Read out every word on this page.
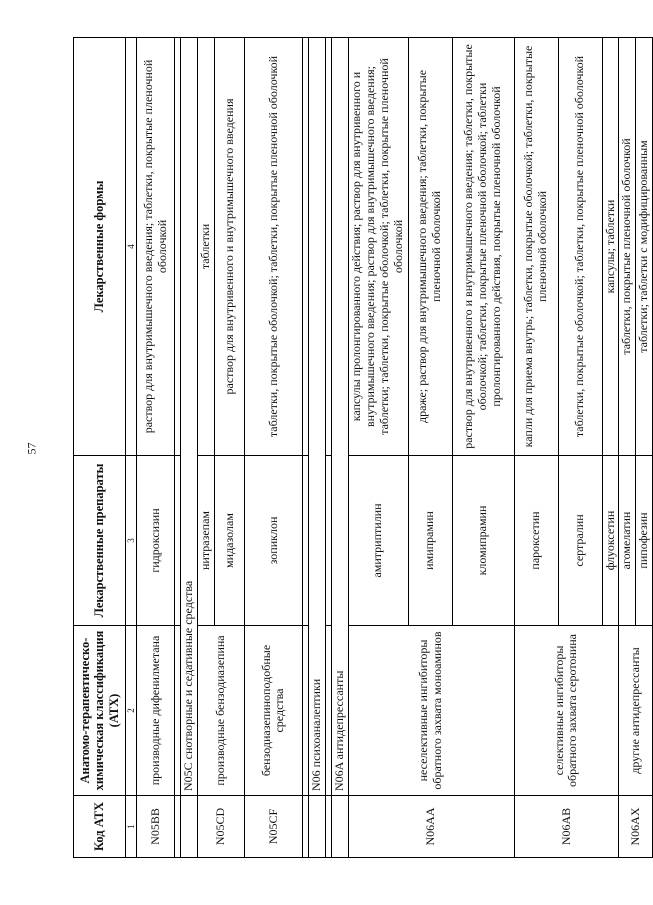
57
Код АТХ	Анатомо-терапевтическо-химическая классификация (АТХ)	Лекарственные препараты	Лекарственные формы
1	2	3	4
N05BB	производные дифенилметана	гидроксизин	раствор для внутримышечного введения; таблетки, покрытые пленочной оболочкой

	N05C снотворные и седативные средства		
N05CD	производные бензодиазепина	нитразепам	таблетки
		мидазолам	раствор для внутривенного и внутримышечного введения
N05CF	бензодиазепиноподобные средства	зопиклон	таблетки, покрытые оболочкой; таблетки, покрытые пленочной оболочкой

	N06 психоаналептики		

	N06A антидепрессанты		
N06AA	неселективные ингибиторы обратного захвата моноаминов	амитриптилин	капсулы пролонгированного действия; раствор для внутривенного и внутримышечного введения; раствор для внутримышечного введения; таблетки; таблетки, покрытые оболочкой; таблетки, покрытые пленочной оболочкой
		имипрамин	драже; раствор для внутримышечного введения; таблетки, покрытые пленочной оболочкой
		кломипрамин	раствор для внутривенного и внутримышечного введения; таблетки, покрытые оболочкой; таблетки, покрытые пленочной оболочкой; таблетки пролонгированного действия, покрытые пленочной оболочкой
N06AB	селективные ингибиторы обратного захвата серотонина	пароксетин	капли для приема внутрь; таблетки, покрытые оболочкой; таблетки, покрытые пленочной оболочкой
		сертралин	таблетки, покрытые оболочкой; таблетки, покрытые пленочной оболочкой
		флуоксетин	капсулы; таблетки
N06AX	другие антидепрессанты	агомелатин	таблетки, покрытые пленочной оболочкой
		пипофезин	таблетки; таблетки с модифицированным
